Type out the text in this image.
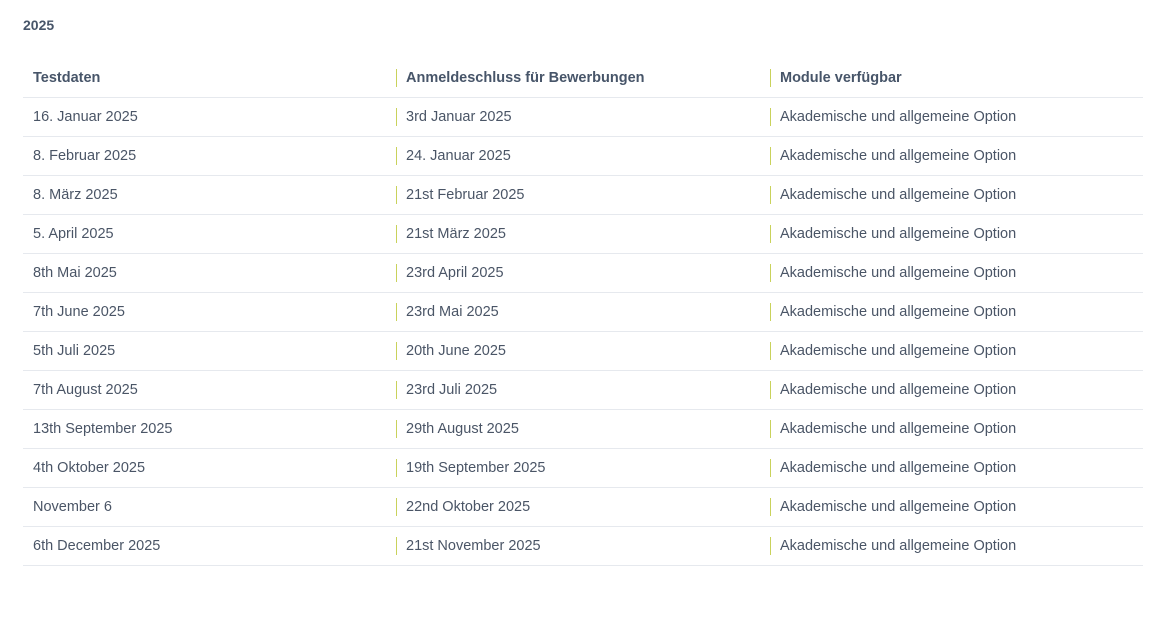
2025
Testdaten	Anmeldeschluss für Bewerbungen	Module verfügbar
16. Januar 2025	3rd Januar 2025	Akademische und allgemeine Option
8. Februar 2025	24. Januar 2025	Akademische und allgemeine Option
8. März 2025	21st Februar 2025	Akademische und allgemeine Option
5. April 2025	21st März 2025	Akademische und allgemeine Option
8th Mai 2025	23rd April 2025	Akademische und allgemeine Option
7th June 2025	23rd Mai 2025	Akademische und allgemeine Option
5th Juli 2025	20th June 2025	Akademische und allgemeine Option
7th August 2025	23rd Juli 2025	Akademische und allgemeine Option
13th September 2025	29th August 2025	Akademische und allgemeine Option
4th Oktober 2025	19th September 2025	Akademische und allgemeine Option
November 6	22nd Oktober 2025	Akademische und allgemeine Option
6th December 2025	21st November 2025	Akademische und allgemeine Option
